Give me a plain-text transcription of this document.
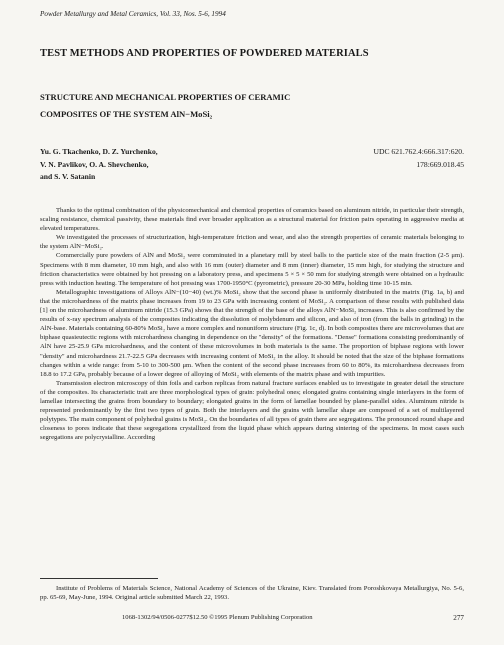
Powder Metallurgy and Metal Ceramics, Vol. 33, Nos. 5-6, 1994
TEST METHODS AND PROPERTIES OF POWDERED MATERIALS
STRUCTURE AND MECHANICAL PROPERTIES OF CERAMIC
COMPOSITES OF THE SYSTEM AlN−MoSi₂
Yu. G. Tkachenko, D. Z. Yurchenko,
V. N. Pavlikov, O. A. Shevchenko,
and S. V. Satanin
UDC 621.762.4:666.317:620.
178:669.018.45

Thanks to the optimal combination of the physicomechanical and chemical properties of ceramics based on aluminum nitride, in particular their strength, scaling resistance, chemical passivity, these materials find ever broader application as a structural material for friction pairs operating in aggressive media at elevated temperatures.

We investigated the processes of structurization, high-temperature friction and wear, and also the strength properties of ceramic materials belonging to the system AlN−MoSi₂.

Commercially pure powders of AlN and MoSi₂ were comminuted in a planetary mill by steel balls to the particle size of the main fraction (2-5 μm). Specimens with 8 mm diameter, 10 mm high, and also with 16 mm (outer) diameter and 8 mm (inner) diameter, 15 mm high, for studying the structure and friction characteristics were obtained by hot pressing on a laboratory press, and specimens 5 × 5 × 50 mm for studying strength were obtained on a hydraulic press with induction heating. The temperature of hot pressing was 1700-1950°C (pyrometric), pressure 20-30 MPa, holding time 10-15 min.

Metallographic investigations of Alloys AlN−(10−40) (wt.)% MoSi₂ show that the second phase is uniformly distributed in the matrix (Fig. 1a, b) and that the microhardness of the matrix phase increases from 19 to 23 GPa with increasing content of MoSi₂. A comparison of these results with published data [1] on the microhardness of aluminum nitride (15.3 GPa) shows that the strength of the base of the alloys AlN−MoSi₂ increases. This is also confirmed by the results of x-ray spectrum analysis of the composites indicating the dissolution of molybdenum and silicon, and also of iron (from the balls in grinding) in the AlN-base. Materials containing 60-80% MoSi₂ have a more complex and nonuniform structure (Fig. 1c, d). In both composites there are microvolumes that are biphase quasieutectic regions with microhardness changing in dependence on the "density" of the formations. "Dense" formations consisting predominantly of AlN have 25-25.9 GPa microhardness, and the content of these microvolumes in both materials is the same. The proportion of biphase regions with lower "density" and microhardness 21.7-22.5 GPa decreases with increasing content of MoSi₂ in the alloy. It should be noted that the size of the biphase formations changes within a wide range: from 5-10 to 300-500 μm. When the content of the second phase increases from 60 to 80%, its microhardness decreases from 18.8 to 17.2 GPa, probably because of a lower degree of alloying of MoSi₂ with elements of the matrix phase and with impurities.

Transmission electron microscopy of thin foils and carbon replicas from natural fracture surfaces enabled us to investigate in greater detail the structure of the composites. Its characteristic trait are three morphological types of grain: polyhedral ones; elongated grains containing single interlayers in the form of lamellae intersecting the grains from boundary to boundary; elongated grains in the form of lamellae bounded by plane-parallel sides. Aluminum nitride is represented predominantly by the first two types of grain. Both the interlayers and the grains with lamellar shape are composed of a set of multilayered polytypes. The main component of polyhedral grains is MoSi₂. On the boundaries of all types of grain there are segregations. The pronounced round shape and closeness to pores indicate that these segregations crystallized from the liquid phase which appears during sintering of the specimens. In most cases such segregations are polycrystalline. According

Institute of Problems of Materials Science, National Academy of Sciences of the Ukraine, Kiev. Translated from Poroshkovaya Metallurgiya, No. 5-6, pp. 65-69, May-June, 1994. Original article submitted March 22, 1993.
1068-1302/94/0506-0277$12.50 ©1995 Plenum Publishing Corporation	277
